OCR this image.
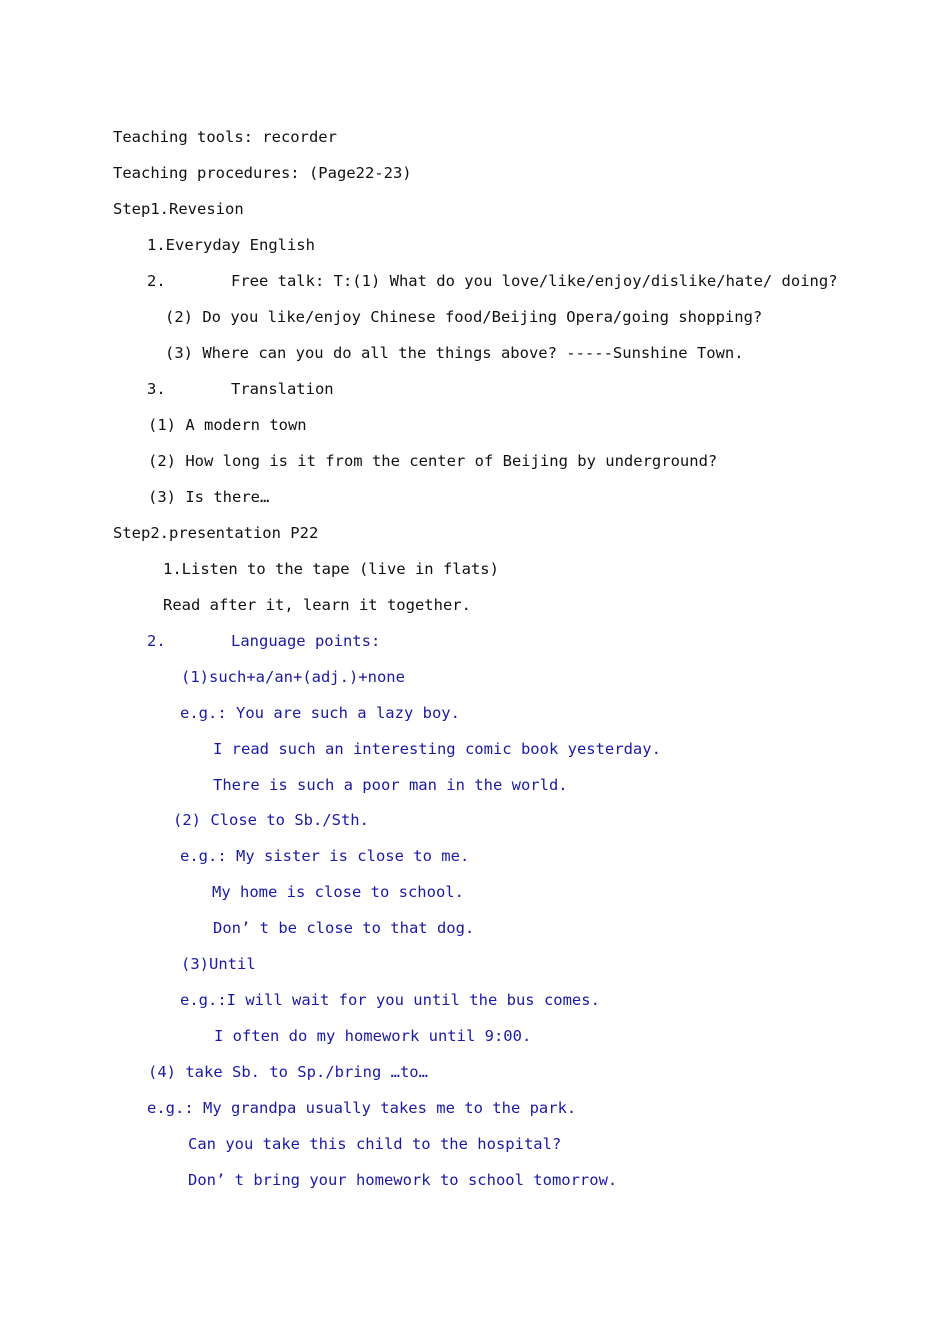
Teaching tools: recorder
Teaching procedures: (Page22-23)
Step1.Revesion
1.Everyday English
2.       Free talk: T:(1) What do you love/like/enjoy/dislike/hate/ doing?
(2) Do you like/enjoy Chinese food/Beijing Opera/going shopping?
(3) Where can you do all the things above? -----Sunshine Town.
3.       Translation
(1) A modern town
(2) How long is it from the center of Beijing by underground?
(3) Is there…
Step2.presentation P22
1.Listen to the tape (live in flats)
Read after it, learn it together.
2.       Language points:
(1)such+a/an+(adj.)+none
e.g.: You are such a lazy boy.
I read such an interesting comic book yesterday.
There is such a poor man in the world.
(2) Close to Sb./Sth.
e.g.: My sister is close to me.
My home is close to school.
Don’ t be close to that dog.
(3)Until
e.g.:I will wait for you until the bus comes.
I often do my homework until 9:00.
(4) take Sb. to Sp./bring …to…
e.g.: My grandpa usually takes me to the park.
Can you take this child to the hospital?
Don’ t bring your homework to school tomorrow.
